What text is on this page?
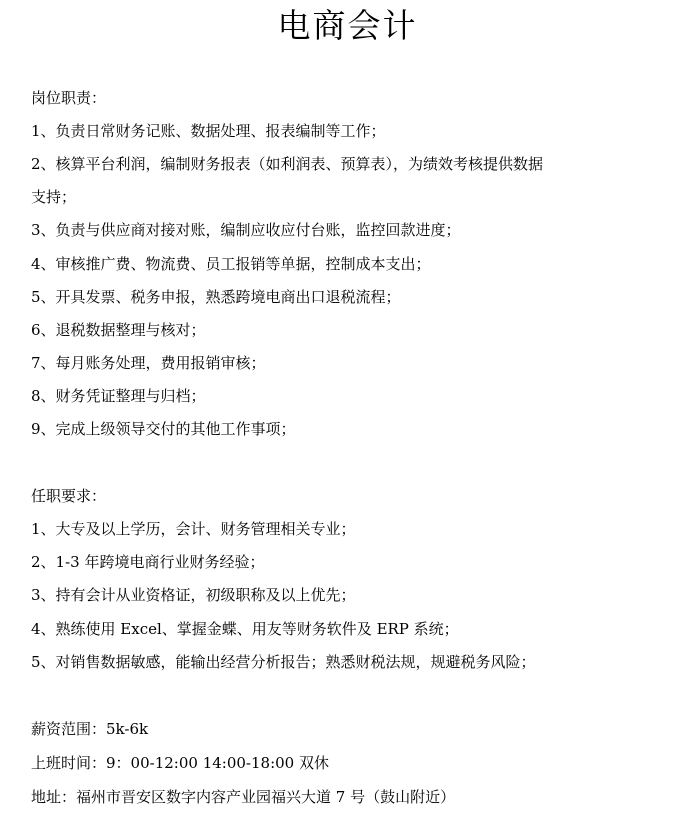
电商会计
岗位职责：
1、负责日常财务记账、数据处理、报表编制等工作；
2、核算平台利润，编制财务报表（如利润表、预算表），为绩效考核提供数据
支持；
3、负责与供应商对接对账，编制应收应付台账，监控回款进度；
4、审核推广费、物流费、员工报销等单据，控制成本支出；
5、开具发票、税务申报，熟悉跨境电商出口退税流程；
6、退税数据整理与核对；
7、每月账务处理，费用报销审核；
8、财务凭证整理与归档；
9、完成上级领导交付的其他工作事项；
任职要求：
1、大专及以上学历，会计、财务管理相关专业；
2、1-3 年跨境电商行业财务经验；
3、持有会计从业资格证，初级职称及以上优先；
4、熟练使用 Excel、掌握金蝶、用友等财务软件及 ERP 系统；
5、对销售数据敏感，能输出经营分析报告；熟悉财税法规，规避税务风险；
薪资范围：5k-6k
上班时间：9：00-12:00 14:00-18:00 双休
地址：福州市晋安区数字内容产业园福兴大道 7 号（鼓山附近）
